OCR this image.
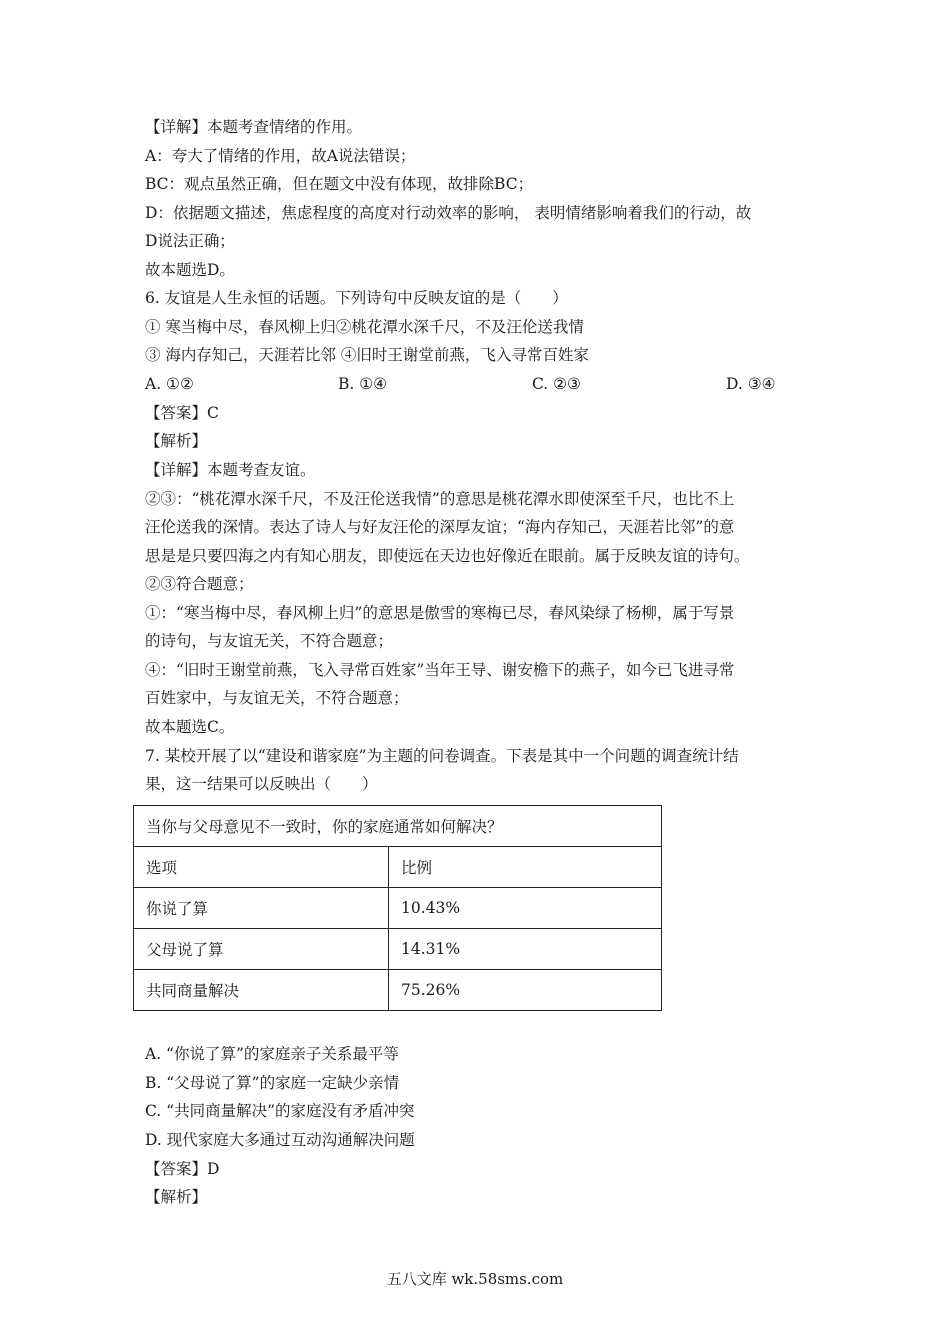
【详解】本题考查情绪的作用。
A：夸大了情绪的作用，故A说法错误；
BC：观点虽然正确，但在题文中没有体现，故排除BC；
D：依据题文描述，焦虑程度的高度对行动效率的影响， 表明情绪影响着我们的行动，故
D说法正确；
故本题选D。
6. 友谊是人生永恒的话题。下列诗句中反映友谊的是（　　）
① 寒当梅中尽，春风柳上归②桃花潭水深千尺，不及汪伦送我情
③ 海内存知己，天涯若比邻 ④旧时王谢堂前燕，飞入寻常百姓家
A. ①②	B. ①④	C. ②③	D. ③④
【答案】C
【解析】
【详解】本题考查友谊。
②③：“桃花潭水深千尺，不及汪伦送我情”的意思是桃花潭水即使深至千尺，也比不上
汪伦送我的深情。表达了诗人与好友汪伦的深厚友谊；“海内存知己，天涯若比邻”的意
思是是只要四海之内有知心朋友，即使远在天边也好像近在眼前。属于反映友谊的诗句。
②③符合题意；
①：“寒当梅中尽，春风柳上归”的意思是傲雪的寒梅已尽，春风染绿了杨柳，属于写景
的诗句，与友谊无关，不符合题意；
④：“旧时王谢堂前燕，飞入寻常百姓家”当年王导、谢安檐下的燕子，如今已飞进寻常
百姓家中，与友谊无关，不符合题意；
故本题选C。
7. 某校开展了以“建设和谐家庭”为主题的问卷调查。下表是其中一个问题的调查统计结
果，这一结果可以反映出（　　）
当你与父母意见不一致时，你的家庭通常如何解决？	
选项	比例
你说了算	10.43%
父母说了算	14.31%
共同商量解决	75.26%
A. “你说了算”的家庭亲子关系最平等
B. “父母说了算”的家庭一定缺少亲情
C. “共同商量解决”的家庭没有矛盾冲突
D. 现代家庭大多通过互动沟通解决问题
【答案】D
【解析】
五八文库 wk.58sms.com
